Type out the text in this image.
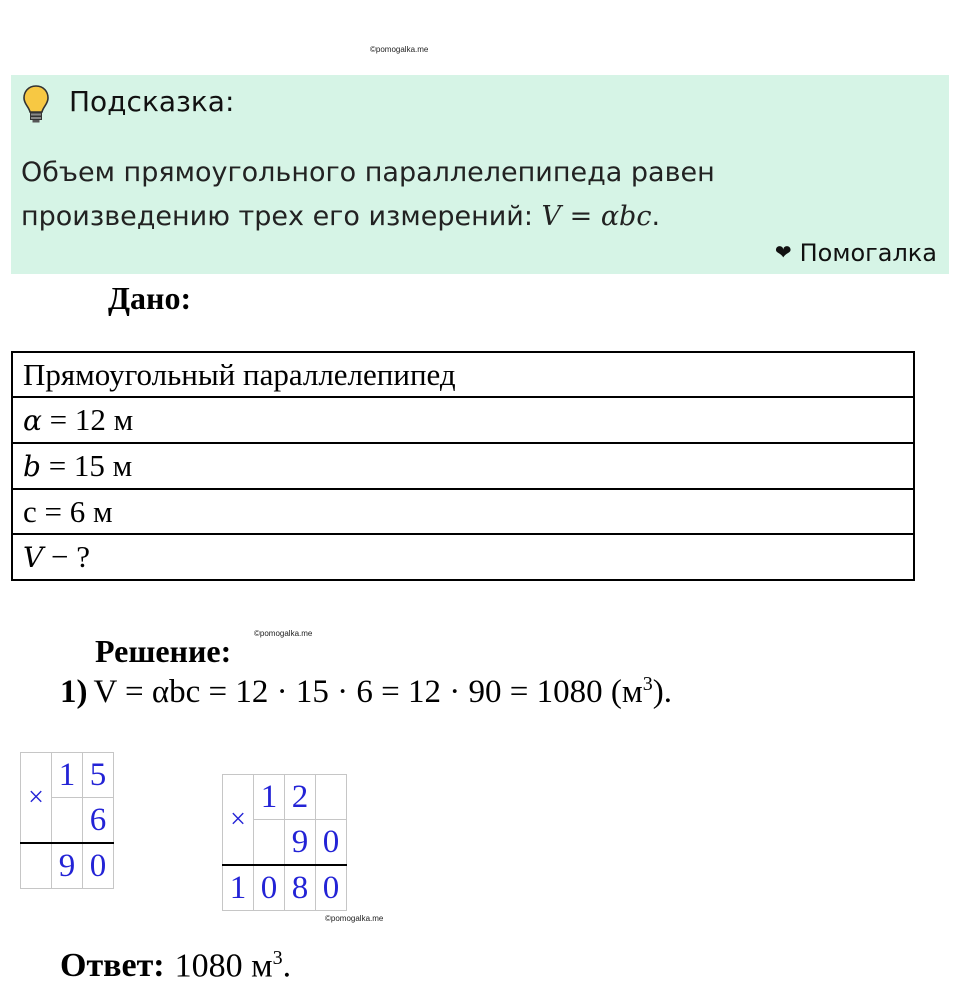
©pomogalka.me
Подсказка:
Объем прямоугольного параллелепипеда равен
произведению трех его измерений: V = αbc.
❤ Помогалка
Дано:
Прямоугольный параллелепипед
α = 12 м
b = 15 м
c = 6 м
V − ?
Решение:	©pomogalka.me
1) V = αbc = 12 · 15 · 6 = 12 · 90 = 1080 $(м^3)$.
×	1	5
		6
	9	0
×	1	2	
		9	0
1	0	8	0
©pomogalka.me
Ответ: 1080 $м^3$.
